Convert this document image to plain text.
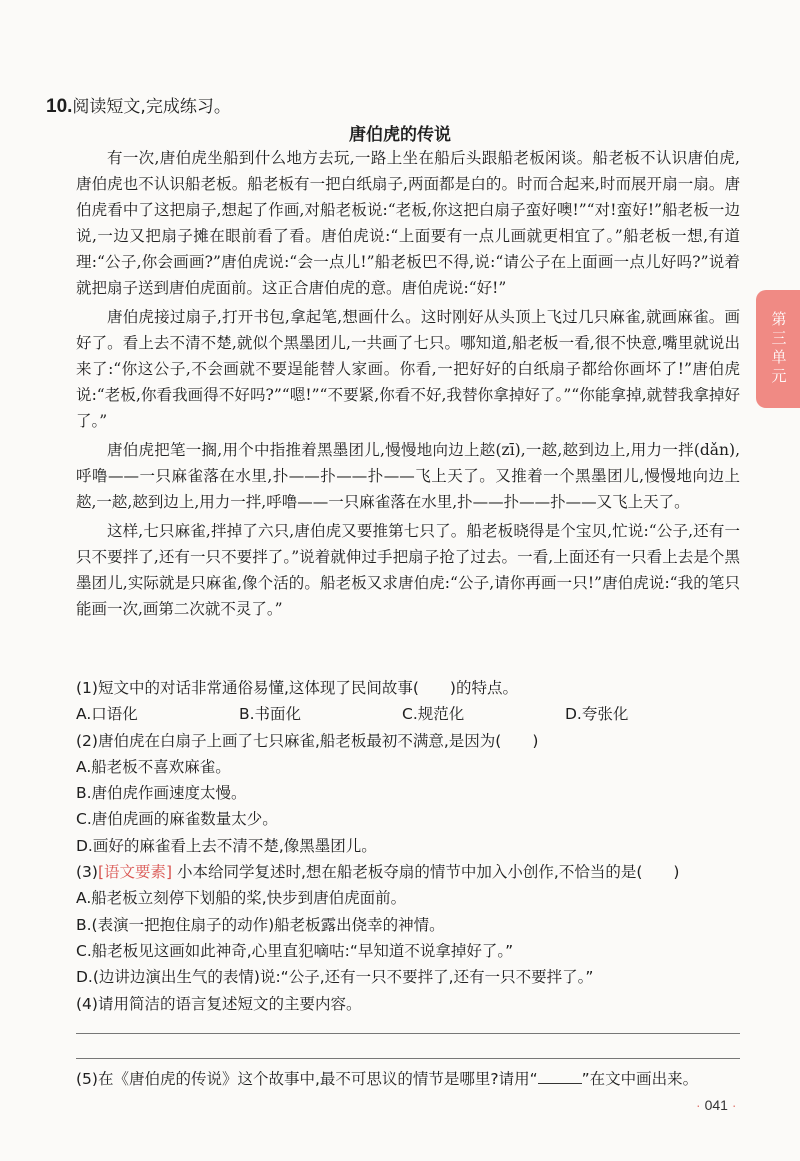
10.阅读短文,完成练习。
唐伯虎的传说

有一次,唐伯虎坐船到什么地方去玩,一路上坐在船后头跟船老板闲谈。船老板不认识唐伯虎,唐伯虎也不认识船老板。船老板有一把白纸扇子,两面都是白的。时而合起来,时而展开扇一扇。唐伯虎看中了这把扇子,想起了作画,对船老板说:“老板,你这把白扇子蛮好噢!”“对!蛮好!”船老板一边说,一边又把扇子摊在眼前看了看。唐伯虎说:“上面要有一点儿画就更相宜了。”船老板一想,有道理:“公子,你会画画?”唐伯虎说:“会一点儿!”船老板巴不得,说:“请公子在上面画一点儿好吗?”说着就把扇子送到唐伯虎面前。这正合唐伯虎的意。唐伯虎说:“好!”

唐伯虎接过扇子,打开书包,拿起笔,想画什么。这时刚好从头顶上飞过几只麻雀,就画麻雀。画好了。看上去不清不楚,就似个黑墨团儿,一共画了七只。哪知道,船老板一看,很不快意,嘴里就说出来了:“你这公子,不会画就不要逞能替人家画。你看,一把好好的白纸扇子都给你画坏了!”唐伯虎说:“老板,你看我画得不好吗?”“嗯!”“不要紧,你看不好,我替你拿掉好了。”“你能拿掉,就替我拿掉好了。”

唐伯虎把笔一搁,用个中指推着黑墨团儿,慢慢地向边上趑(zī),一趑,趑到边上,用力一拌(dǎn),呼噜——一只麻雀落在水里,扑——扑——扑——飞上天了。又推着一个黑墨团儿,慢慢地向边上趑,一趑,趑到边上,用力一拌,呼噜——一只麻雀落在水里,扑——扑——扑——又飞上天了。

这样,七只麻雀,拌掉了六只,唐伯虎又要推第七只了。船老板晓得是个宝贝,忙说:“公子,还有一只不要拌了,还有一只不要拌了。”说着就伸过手把扇子抢了过去。一看,上面还有一只看上去是个黑墨团儿,实际就是只麻雀,像个活的。船老板又求唐伯虎:“公子,请你再画一只!”唐伯虎说:“我的笔只能画一次,画第二次就不灵了。”

(1)短文中的对话非常通俗易懂,这体现了民间故事(　　)的特点。
A.口语化	B.书面化	C.规范化	D.夸张化
(2)唐伯虎在白扇子上画了七只麻雀,船老板最初不满意,是因为(　　)
A.船老板不喜欢麻雀。
B.唐伯虎作画速度太慢。
C.唐伯虎画的麻雀数量太少。
D.画好的麻雀看上去不清不楚,像黑墨团儿。
(3)[语文要素] 小本给同学复述时,想在船老板夺扇的情节中加入小创作,不恰当的是(　　)
A.船老板立刻停下划船的桨,快步到唐伯虎面前。
B.(表演一把抱住扇子的动作)船老板露出侥幸的神情。
C.船老板见这画如此神奇,心里直犯嘀咕:“早知道不说拿掉好了。”
D.(边讲边演出生气的表情)说:“公子,还有一只不要拌了,还有一只不要拌了。”
(4)请用简洁的语言复述短文的主要内容。
(5)在《唐伯虎的传说》这个故事中,最不可思议的情节是哪里?请用“	”在文中画出来。
第三单元
· 041 ·
